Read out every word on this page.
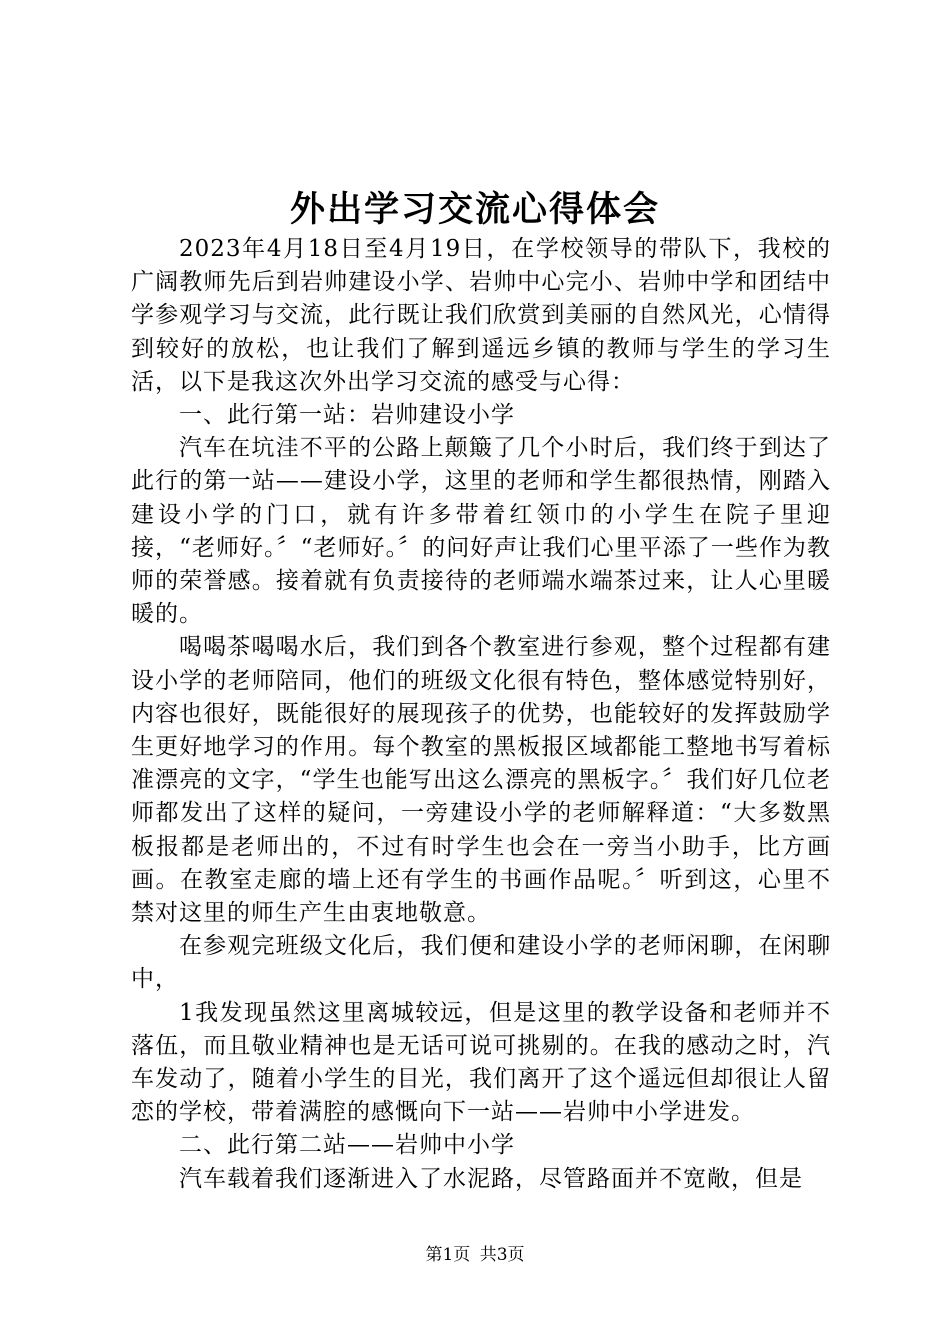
外出学习交流心得体会

2023年4月18日至4月19日，在学校领导的带队下，我校的广阔教师先后到岩帅建设小学、岩帅中心完小、岩帅中学和团结中学参观学习与交流，此行既让我们欣赏到美丽的自然风光，心情得到较好的放松，也让我们了解到遥远乡镇的教师与学生的学习生活，以下是我这次外出学习交流的感受与心得：

一、此行第一站：岩帅建设小学

汽车在坑洼不平的公路上颠簸了几个小时后，我们终于到达了此行的第一站——建设小学，这里的老师和学生都很热情，刚踏入建设小学的门口，就有许多带着红领巾的小学生在院子里迎接，“老师好。〞“老师好。〞的问好声让我们心里平添了一些作为教师的荣誉感。接着就有负责接待的老师端水端茶过来，让人心里暖暖的。

喝喝茶喝喝水后，我们到各个教室进行参观，整个过程都有建设小学的老师陪同，他们的班级文化很有特色，整体感觉特别好，内容也很好，既能很好的展现孩子的优势，也能较好的发挥鼓励学生更好地学习的作用。每个教室的黑板报区域都能工整地书写着标准漂亮的文字，“学生也能写出这么漂亮的黑板字。〞我们好几位老师都发出了这样的疑问，一旁建设小学的老师解释道：“大多数黑板报都是老师出的，不过有时学生也会在一旁当小助手，比方画画。在教室走廊的墙上还有学生的书画作品呢。〞听到这，心里不禁对这里的师生产生由衷地敬意。

在参观完班级文化后，我们便和建设小学的老师闲聊，在闲聊中，

1我发现虽然这里离城较远，但是这里的教学设备和老师并不落伍，而且敬业精神也是无话可说可挑剔的。在我的感动之时，汽车发动了，随着小学生的目光，我们离开了这个遥远但却很让人留恋的学校，带着满腔的感慨向下一站——岩帅中小学进发。

二、此行第二站——岩帅中小学

汽车载着我们逐渐进入了水泥路，尽管路面并不宽敞，但是

第1页 共3页
